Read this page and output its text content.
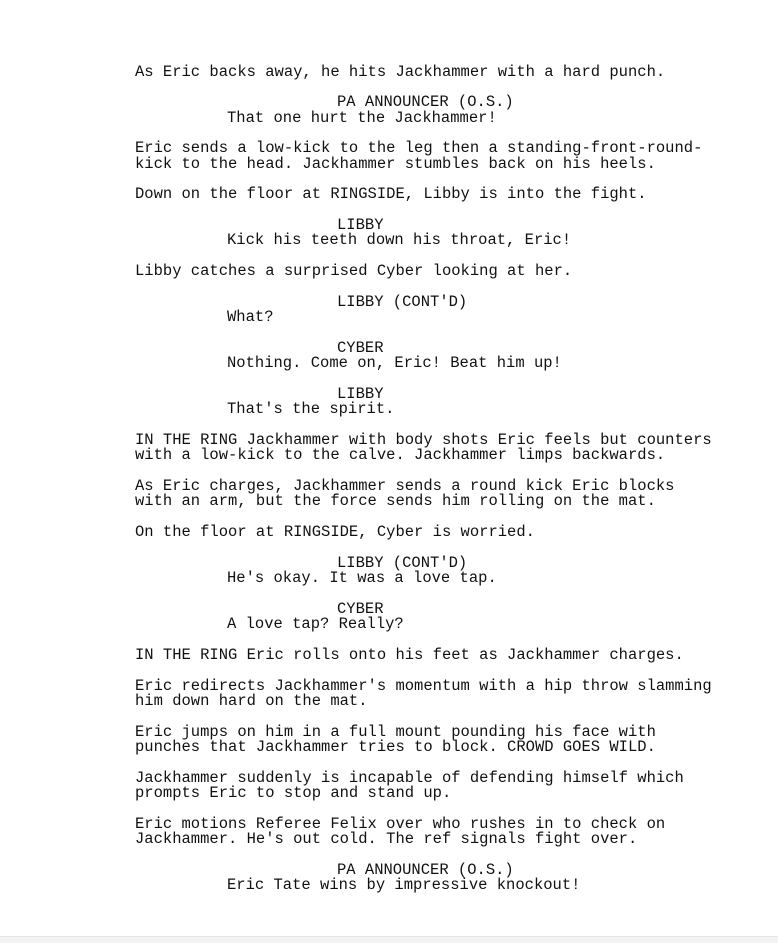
As Eric backs away, he hits Jackhammer with a hard punch.
PA ANNOUNCER (O.S.)
That one hurt the Jackhammer!
Eric sends a low-kick to the leg then a standing-front-round-
kick to the head. Jackhammer stumbles back on his heels.
Down on the floor at RINGSIDE, Libby is into the fight.
LIBBY
Kick his teeth down his throat, Eric!
Libby catches a surprised Cyber looking at her.
LIBBY (CONT'D)
What?
CYBER
Nothing. Come on, Eric! Beat him up!
LIBBY
That's the spirit.
IN THE RING Jackhammer with body shots Eric feels but counters
with a low-kick to the calve. Jackhammer limps backwards.
As Eric charges, Jackhammer sends a round kick Eric blocks
with an arm, but the force sends him rolling on the mat.
On the floor at RINGSIDE, Cyber is worried.
LIBBY (CONT'D)
He's okay. It was a love tap.
CYBER
A love tap? Really?
IN THE RING Eric rolls onto his feet as Jackhammer charges.
Eric redirects Jackhammer's momentum with a hip throw slamming
him down hard on the mat.
Eric jumps on him in a full mount pounding his face with
punches that Jackhammer tries to block. CROWD GOES WILD.
Jackhammer suddenly is incapable of defending himself which
prompts Eric to stop and stand up.
Eric motions Referee Felix over who rushes in to check on
Jackhammer. He's out cold. The ref signals fight over.
PA ANNOUNCER (O.S.)
Eric Tate wins by impressive knockout!
